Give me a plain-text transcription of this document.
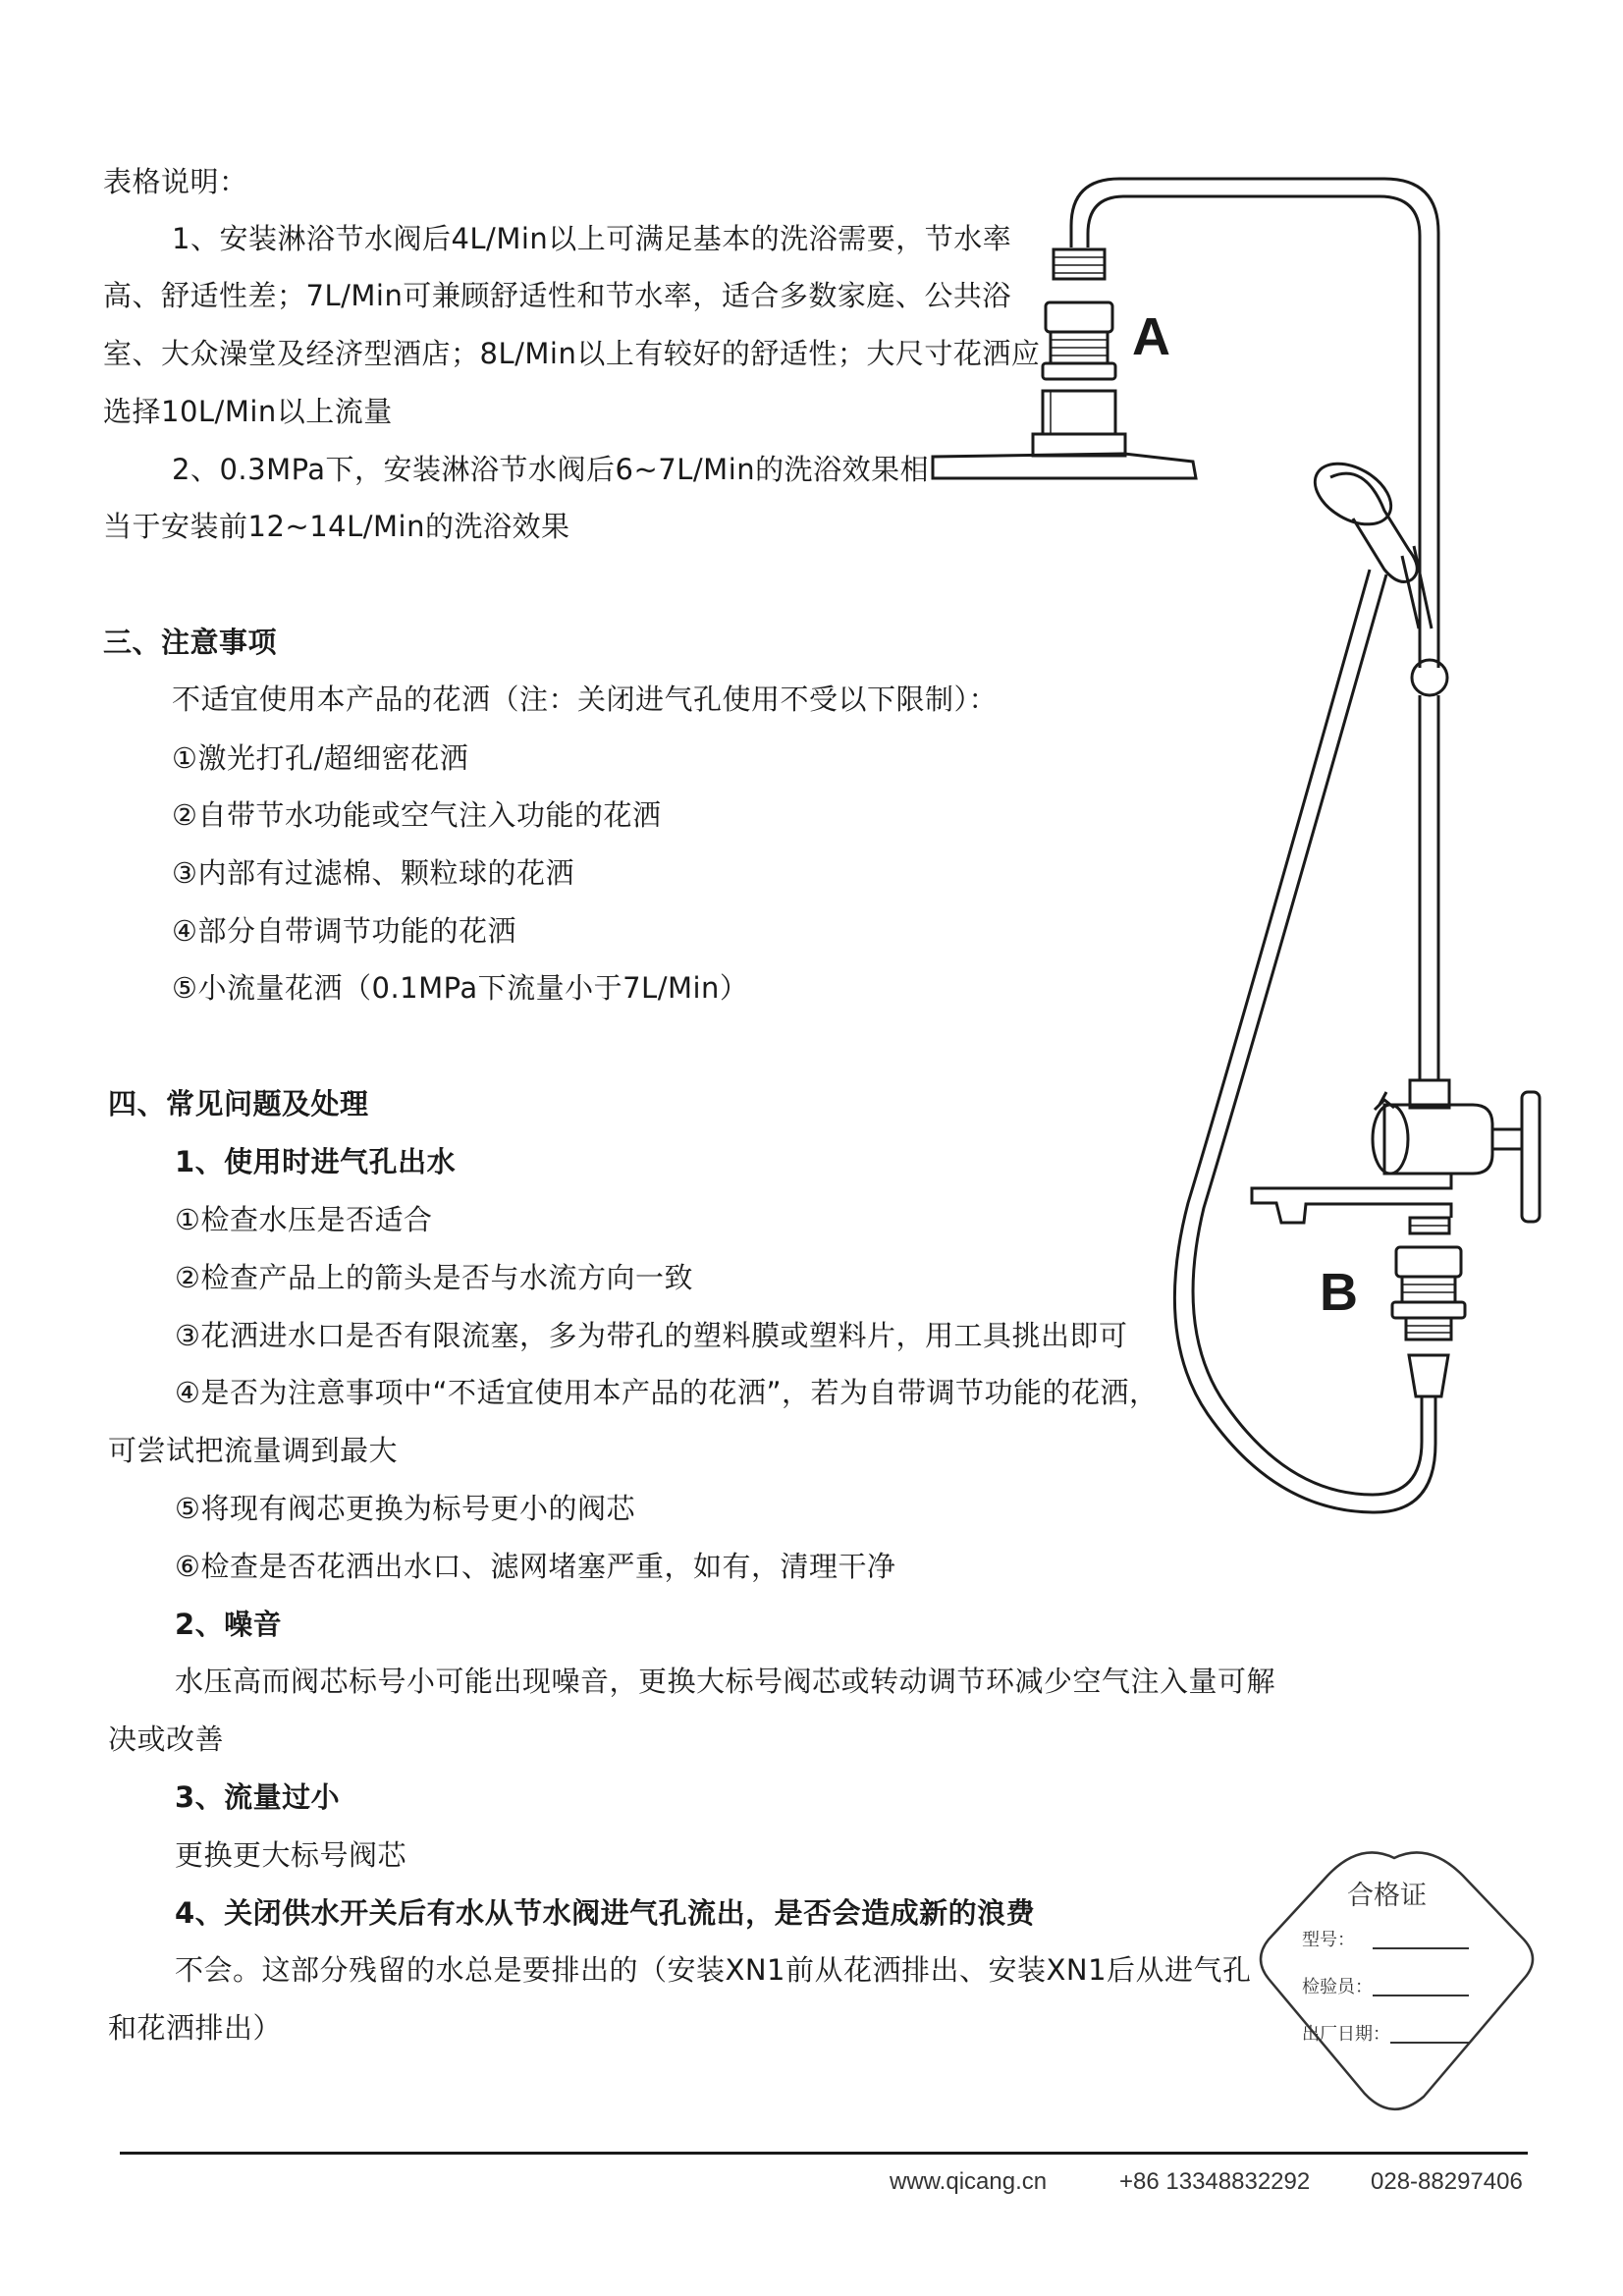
A
B
表格说明：
1、安装淋浴节水阀后4L/Min以上可满足基本的洗浴需要，节水率
高、舒适性差；7L/Min可兼顾舒适性和节水率，适合多数家庭、公共浴
室、大众澡堂及经济型酒店；8L/Min以上有较好的舒适性；大尺寸花洒应
选择10L/Min以上流量
2、0.3MPa下，安装淋浴节水阀后6~7L/Min的洗浴效果相
当于安装前12~14L/Min的洗浴效果
三、注意事项
不适宜使用本产品的花洒（注：关闭进气孔使用不受以下限制）：
①激光打孔/超细密花洒
②自带节水功能或空气注入功能的花洒
③内部有过滤棉、颗粒球的花洒
④部分自带调节功能的花洒
⑤小流量花洒（0.1MPa下流量小于7L/Min）
四、常见问题及处理
1、使用时进气孔出水
①检查水压是否适合
②检查产品上的箭头是否与水流方向一致
③花洒进水口是否有限流塞，多为带孔的塑料膜或塑料片，用工具挑出即可
④是否为注意事项中“不适宜使用本产品的花洒”，若为自带调节功能的花洒，
可尝试把流量调到最大
⑤将现有阀芯更换为标号更小的阀芯
⑥检查是否花洒出水口、滤网堵塞严重，如有，清理干净
2、噪音
水压高而阀芯标号小可能出现噪音，更换大标号阀芯或转动调节环减少空气注入量可解
决或改善
3、流量过小
更换更大标号阀芯
4、关闭供水开关后有水从节水阀进气孔流出，是否会造成新的浪费
不会。这部分残留的水总是要排出的（安装XN1前从花洒排出、安装XN1后从进气孔
和花洒排出）
合格证
型号：
检验员：
出厂日期：
www.qicang.cn	+86 13348832292	028-88297406
